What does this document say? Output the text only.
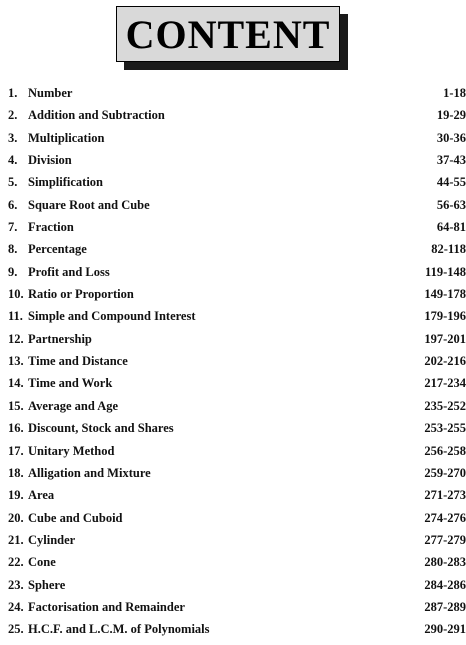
CONTENT
1. Number	1-18
2. Addition and Subtraction	19-29
3. Multiplication	30-36
4. Division	37-43
5. Simplification	44-55
6. Square Root and Cube	56-63
7. Fraction	64-81
8. Percentage	82-118
9. Profit and Loss	119-148
10. Ratio or Proportion	149-178
11. Simple and Compound Interest	179-196
12. Partnership	197-201
13. Time and Distance	202-216
14. Time and Work	217-234
15. Average and Age	235-252
16. Discount, Stock and Shares	253-255
17. Unitary Method	256-258
18. Alligation and Mixture	259-270
19. Area	271-273
20. Cube and Cuboid	274-276
21. Cylinder	277-279
22. Cone	280-283
23. Sphere	284-286
24. Factorisation and Remainder	287-289
25. H.C.F. and L.C.M. of Polynomials	290-291
